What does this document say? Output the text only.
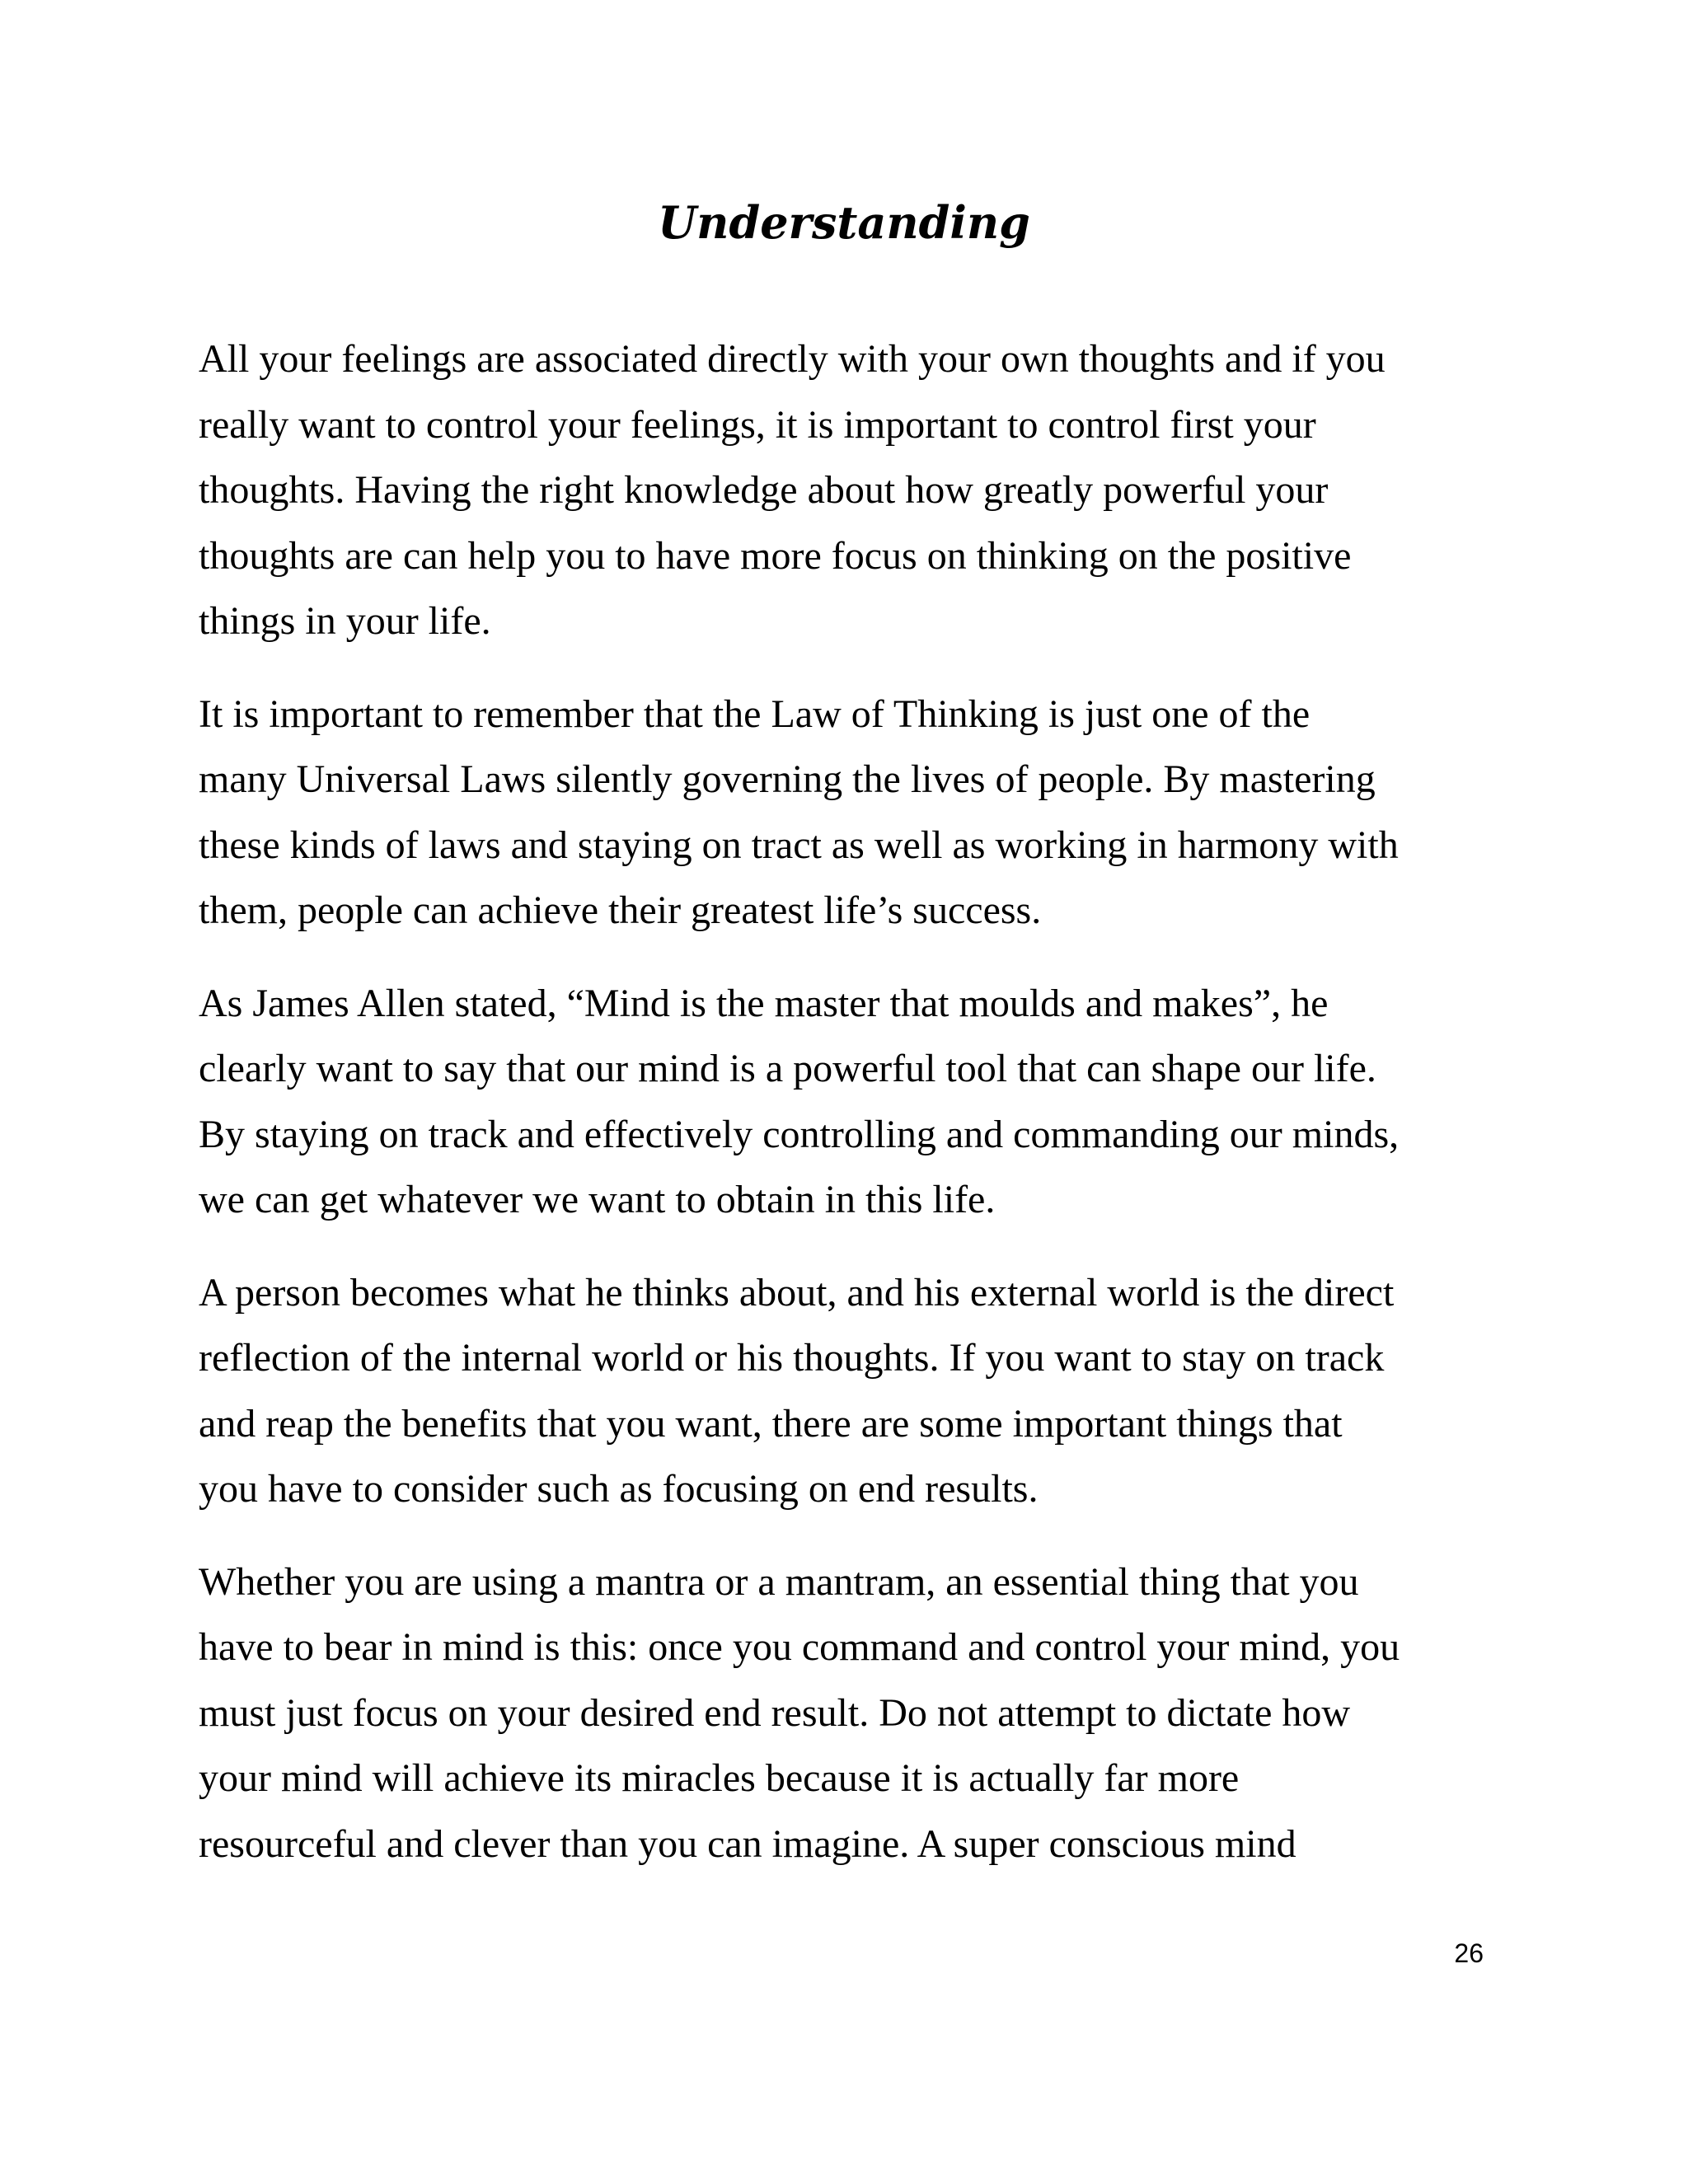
Understanding

All your feelings are associated directly with your own thoughts and if you
really want to control your feelings, it is important to control first your
thoughts. Having the right knowledge about how greatly powerful your
thoughts are can help you to have more focus on thinking on the positive
things in your life.

It is important to remember that the Law of Thinking is just one of the
many Universal Laws silently governing the lives of people. By mastering
these kinds of laws and staying on tract as well as working in harmony with
them, people can achieve their greatest life’s success.

As James Allen stated, “Mind is the master that moulds and makes”, he
clearly want to say that our mind is a powerful tool that can shape our life.
By staying on track and effectively controlling and commanding our minds,
we can get whatever we want to obtain in this life.

A person becomes what he thinks about, and his external world is the direct
reflection of the internal world or his thoughts. If you want to stay on track
and reap the benefits that you want, there are some important things that
you have to consider such as focusing on end results.

Whether you are using a mantra or a mantram, an essential thing that you
have to bear in mind is this: once you command and control your mind, you
must just focus on your desired end result. Do not attempt to dictate how
your mind will achieve its miracles because it is actually far more
resourceful and clever than you can imagine. A super conscious mind

26
